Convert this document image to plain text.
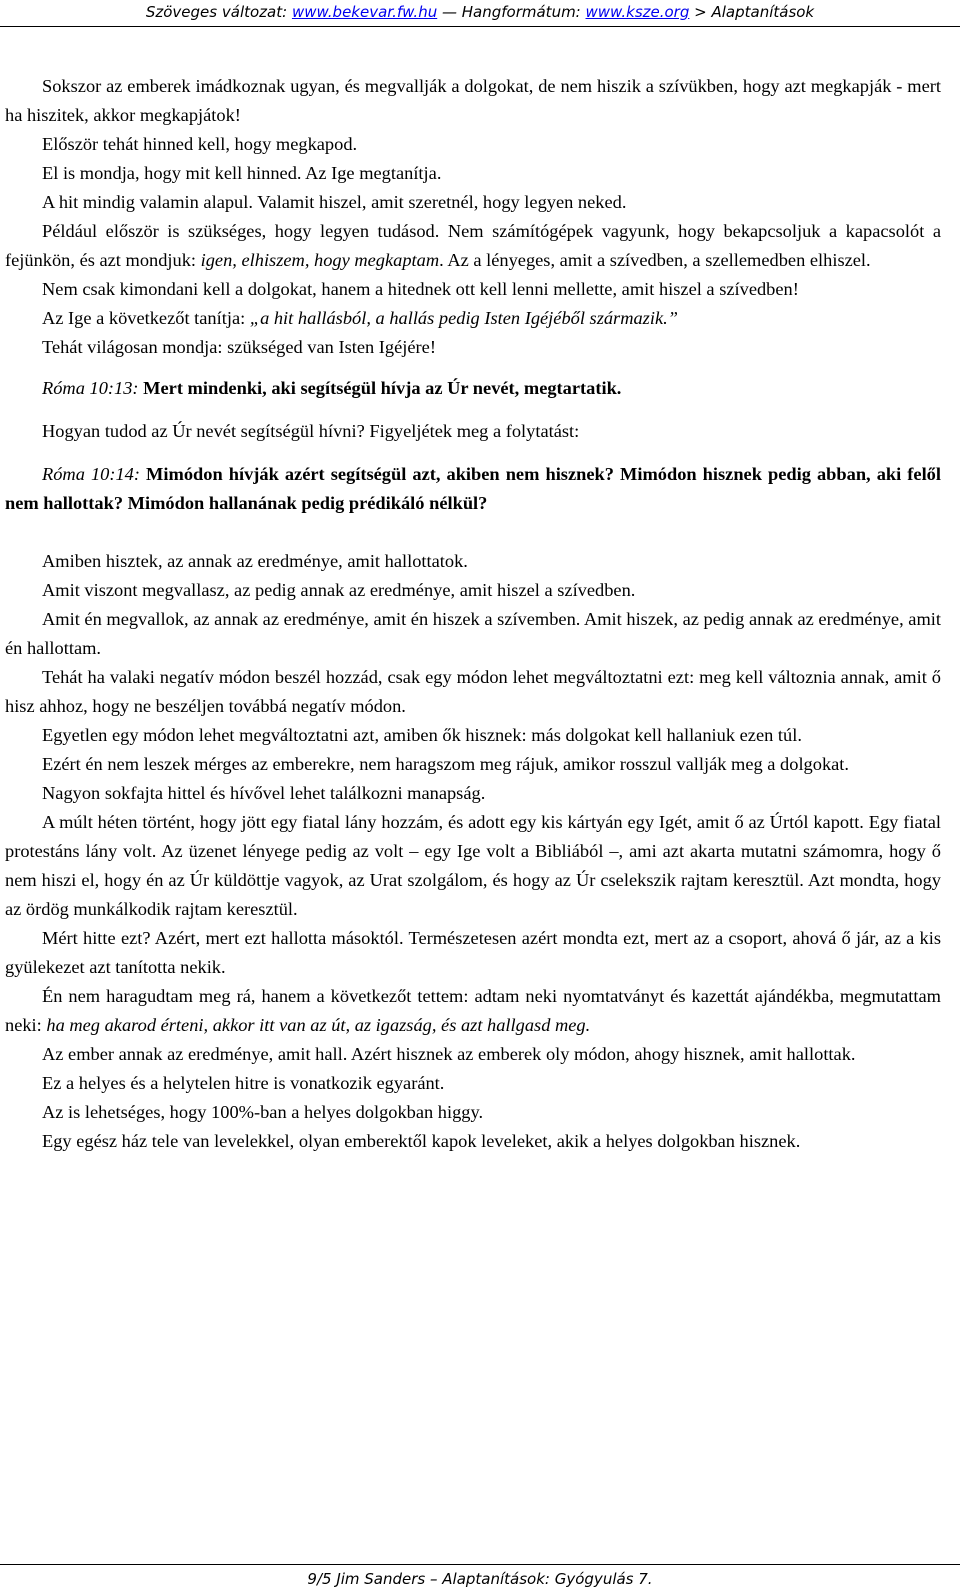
Szöveges változat: www.bekevar.fw.hu — Hangformátum: www.ksze.org > Alaptanítások

Sokszor az emberek imádkoznak ugyan, és megvallják a dolgokat, de nem hiszik a szívükben, hogy azt megkapják - mert ha hiszitek, akkor megkapjátok!

Először tehát hinned kell, hogy megkapod.

El is mondja, hogy mit kell hinned. Az Ige megtanítja.

A hit mindig valamin alapul. Valamit hiszel, amit szeretnél, hogy legyen neked.

Például először is szükséges, hogy legyen tudásod. Nem számítógépek vagyunk, hogy bekapcsoljuk a kapacsolót a fejünkön, és azt mondjuk: igen, elhiszem, hogy megkaptam. Az a lényeges, amit a szívedben, a szellemedben elhiszel.

Nem csak kimondani kell a dolgokat, hanem a hitednek ott kell lenni mellette, amit hiszel a szívedben!

Az Ige a következőt tanítja: „a hit hallásból, a hallás pedig Isten Igéjéből származik.”

Tehát világosan mondja: szükséged van Isten Igéjére!

Róma 10:13: Mert mindenki, aki segítségül hívja az Úr nevét, megtartatik.

Hogyan tudod az Úr nevét segítségül hívni? Figyeljétek meg a folytatást:

Róma 10:14: Mimódon hívják azért segítségül azt, akiben nem hisznek? Mimódon hisznek pedig abban, aki felől nem hallottak? Mimódon hallanának pedig prédikáló nélkül?

Amiben hisztek, az annak az eredménye, amit hallottatok.

Amit viszont megvallasz, az pedig annak az eredménye, amit hiszel a szívedben.

Amit én megvallok, az annak az eredménye, amit én hiszek a szívemben. Amit hiszek, az pedig annak az eredménye, amit én hallottam.

Tehát ha valaki negatív módon beszél hozzád, csak egy módon lehet megváltoztatni ezt: meg kell változnia annak, amit ő hisz ahhoz, hogy ne beszéljen továbbá negatív módon.

Egyetlen egy módon lehet megváltoztatni azt, amiben ők hisznek: más dolgokat kell hallaniuk ezen túl.

Ezért én nem leszek mérges az emberekre, nem haragszom meg rájuk, amikor rosszul vallják meg a dolgokat.

Nagyon sokfajta hittel és hívővel lehet találkozni manapság.

A múlt héten történt, hogy jött egy fiatal lány hozzám, és adott egy kis kártyán egy Igét, amit ő az Úrtól kapott. Egy fiatal protestáns lány volt. Az üzenet lényege pedig az volt – egy Ige volt a Bibliából –, ami azt akarta mutatni számomra, hogy ő nem hiszi el, hogy én az Úr küldöttje vagyok, az Urat szolgálom, és hogy az Úr cselekszik rajtam keresztül. Azt mondta, hogy az ördög munkálkodik rajtam keresztül.

Mért hitte ezt? Azért, mert ezt hallotta másoktól. Természetesen azért mondta ezt, mert az a csoport, ahová ő jár, az a kis gyülekezet azt tanította nekik.

Én nem haragudtam meg rá, hanem a következőt tettem: adtam neki nyomtatványt és kazettát ajándékba, megmutattam neki: ha meg akarod érteni, akkor itt van az út, az igazság, és azt hallgasd meg.

Az ember annak az eredménye, amit hall. Azért hisznek az emberek oly módon, ahogy hisznek, amit hallottak.

Ez a helyes és a helytelen hitre is vonatkozik egyaránt.

Az is lehetséges, hogy 100%-ban a helyes dolgokban higgy.

Egy egész ház tele van levelekkel, olyan emberektől kapok leveleket, akik a helyes dolgokban hisznek.

9/5 Jim Sanders – Alaptanítások: Gyógyulás 7.
